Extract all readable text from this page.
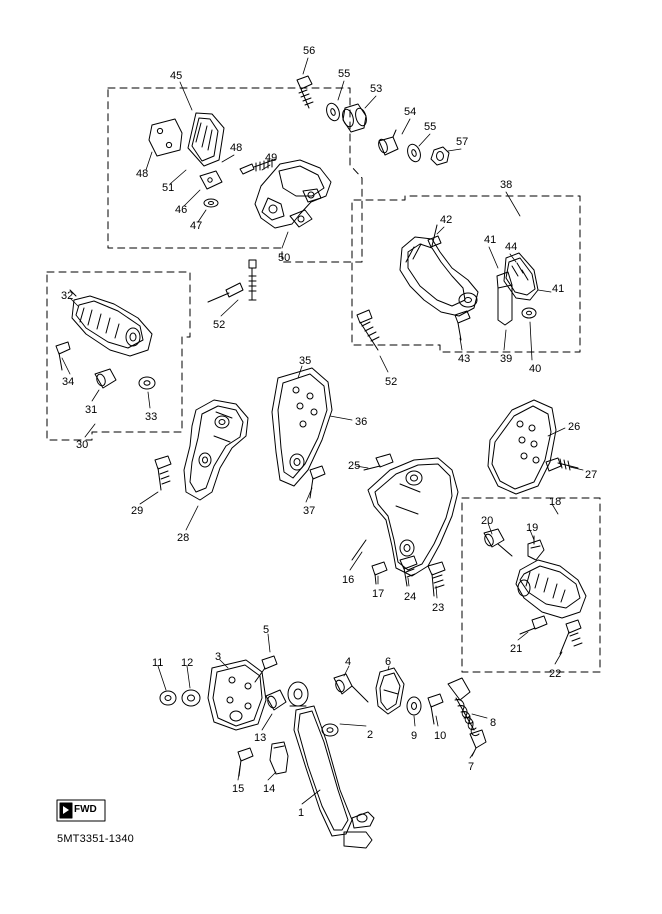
FWD
5MT3351-1340
56
55
53
45
54
55
57
48
48
49
51	38
46
47
50
42
41
44
41
52
43	39
40
32
52
34
31
33
30
35
36	26
25
27
29	37
28
18
20
19
16
17 24
23
21
22
5
11 12 3	4	6
9 10
8
2
13
7
15 14
1
